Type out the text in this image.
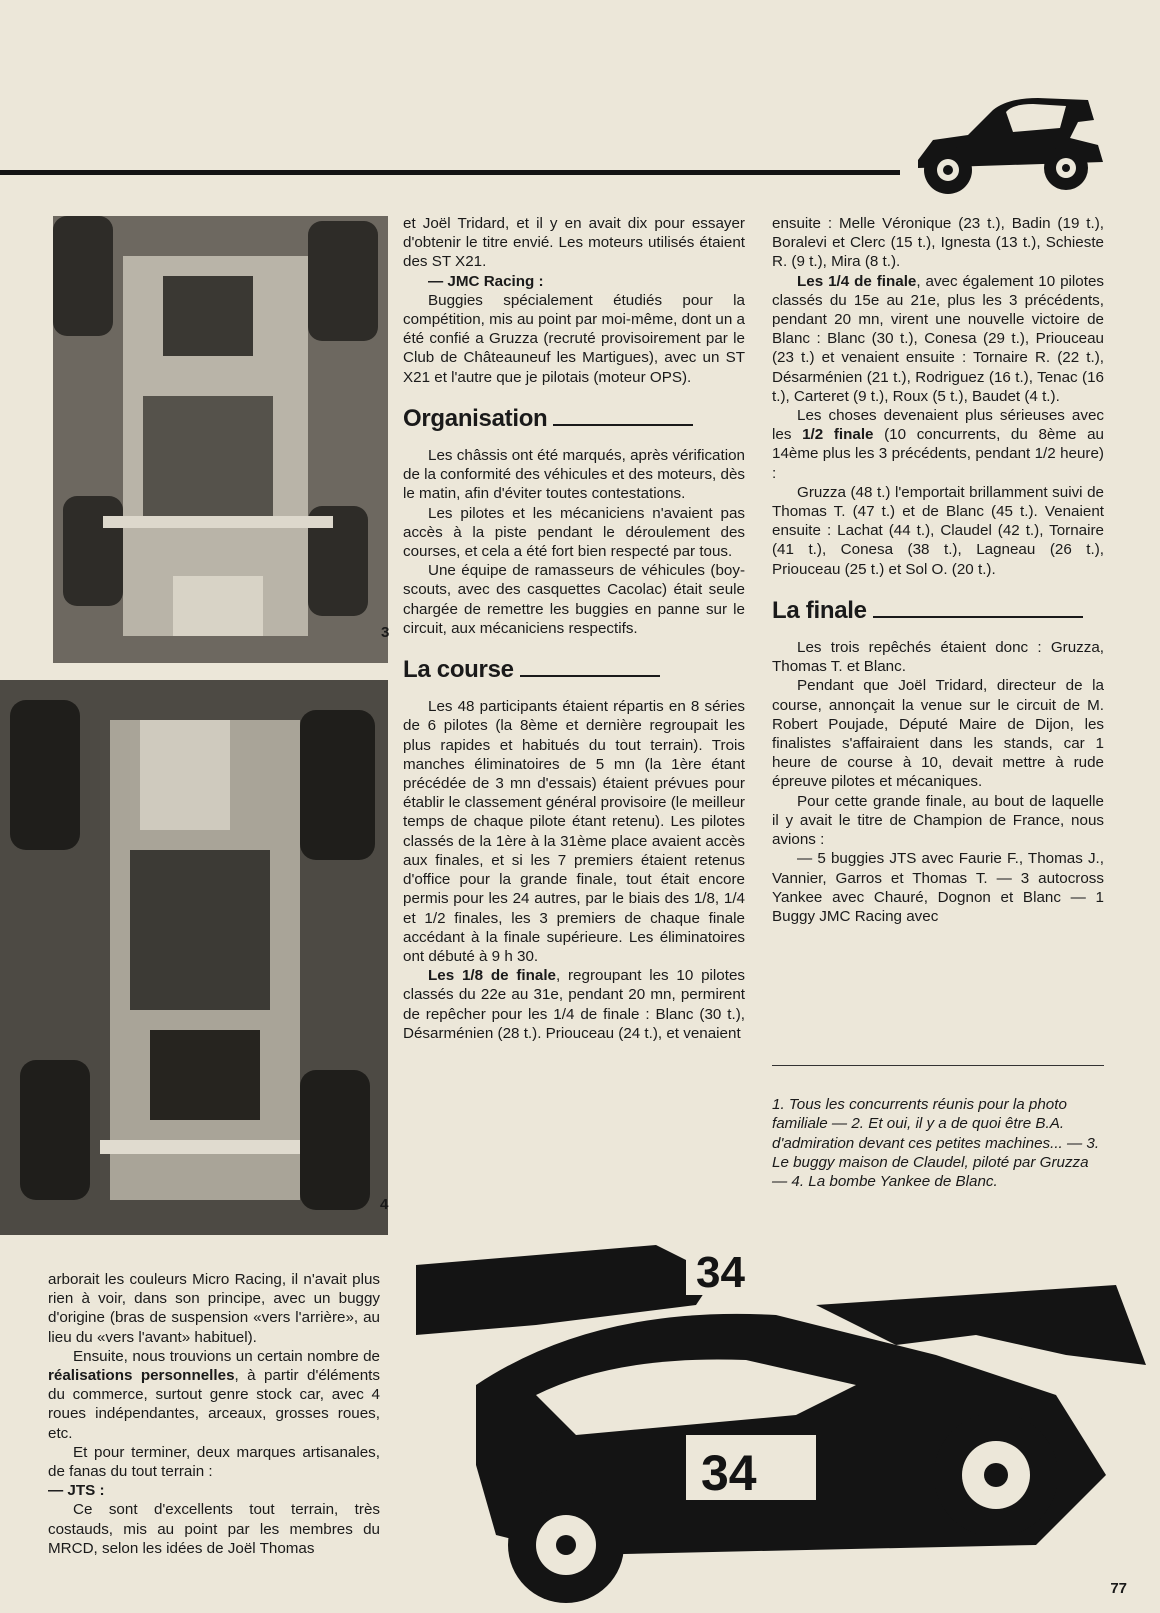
3
4

et Joël Tridard, et il y en avait dix pour essayer d'obtenir le titre envié. Les moteurs utilisés étaient des ST X21.

— JMC Racing :

Buggies spécialement étudiés pour la compétition, mis au point par moi-même, dont un a été confié a Gruzza (recruté provisoirement par le Club de Châteauneuf les Martigues), avec un ST X21 et l'autre que je pilotais (moteur OPS).

Organisation

Les châssis ont été marqués, après vérification de la conformité des véhicules et des moteurs, dès le matin, afin d'éviter toutes contestations.

Les pilotes et les mécaniciens n'avaient pas accès à la piste pendant le déroulement des courses, et cela a été fort bien respecté par tous.

Une équipe de ramasseurs de véhicules (boy-scouts, avec des casquettes Cacolac) était seule chargée de remettre les buggies en panne sur le circuit, aux mécaniciens respectifs.

La course

Les 48 participants étaient répartis en 8 séries de 6 pilotes (la 8ème et dernière regroupait les plus rapides et habitués du tout terrain). Trois manches éliminatoires de 5 mn (la 1ère étant précédée de 3 mn d'essais) étaient prévues pour établir le classement général provisoire (le meilleur temps de chaque pilote étant retenu). Les pilotes classés de la 1ère à la 31ème place avaient accès aux finales, et si les 7 premiers étaient retenus d'office pour la grande finale, tout était encore permis pour les 24 autres, par le biais des 1/8, 1/4 et 1/2 finales, les 3 premiers de chaque finale accédant à la finale supérieure. Les éliminatoires ont débuté à 9 h 30.

Les 1/8 de finale, regroupant les 10 pilotes classés du 22e au 31e, pendant 20 mn, permirent de repêcher pour les 1/4 de finale : Blanc (30 t.), Désarménien (28 t.). Priouceau (24 t.), et venaient

ensuite : Melle Véronique (23 t.), Badin (19 t.), Boralevi et Clerc (15 t.), Ignesta (13 t.), Schieste R. (9 t.), Mira (8 t.).

Les 1/4 de finale, avec également 10 pilotes classés du 15e au 21e, plus les 3 précédents, pendant 20 mn, virent une nouvelle victoire de Blanc : Blanc (30 t.), Conesa (29 t.), Priouceau (23 t.) et venaient ensuite : Tornaire R. (22 t.), Désarménien (21 t.), Rodriguez (16 t.), Tenac (16 t.), Carteret (9 t.), Roux (5 t.), Baudet (4 t.).

Les choses devenaient plus sérieuses avec les 1/2 finale (10 concurrents, du 8ème au 14ème plus les 3 précédents, pendant 1/2 heure) :

Gruzza (48 t.) l'emportait brillamment suivi de Thomas T. (47 t.) et de Blanc (45 t.). Venaient ensuite : Lachat (44 t.), Claudel (42 t.), Tornaire (41 t.), Conesa (38 t.), Lagneau (26 t.), Priouceau (25 t.) et Sol O. (20 t.).

La finale

Les trois repêchés étaient donc : Gruzza, Thomas T. et Blanc.

Pendant que Joël Tridard, directeur de la course, annonçait la venue sur le circuit de M. Robert Poujade, Député Maire de Dijon, les finalistes s'affairaient dans les stands, car 1 heure de course à 10, devait mettre à rude épreuve pilotes et mécaniques.

Pour cette grande finale, au bout de laquelle il y avait le titre de Champion de France, nous avions :

— 5 buggies JTS avec Faurie F., Thomas J., Vannier, Garros et Thomas T. — 3 autocross Yankee avec Chauré, Dognon et Blanc — 1 Buggy JMC Racing avec

1. Tous les concurrents réunis pour la photo familiale — 2. Et oui, il y a de quoi être B.A. d'admiration devant ces petites machines... — 3. Le buggy maison de Claudel, piloté par Gruzza — 4. La bombe Yankee de Blanc.

arborait les couleurs Micro Racing, il n'avait plus rien à voir, dans son principe, avec un buggy d'origine (bras de suspension «vers l'arrière», au lieu du «vers l'avant» habituel).

Ensuite, nous trouvions un certain nombre de réalisations personnelles, à partir d'éléments du commerce, surtout genre stock car, avec 4 roues indépendantes, arceaux, grosses roues, etc.

Et pour terminer, deux marques artisanales, de fanas du tout terrain :

— JTS :

Ce sont d'excellents tout terrain, très costauds, mis au point par les membres du MRCD, selon les idées de Joël Thomas

34
34
77
